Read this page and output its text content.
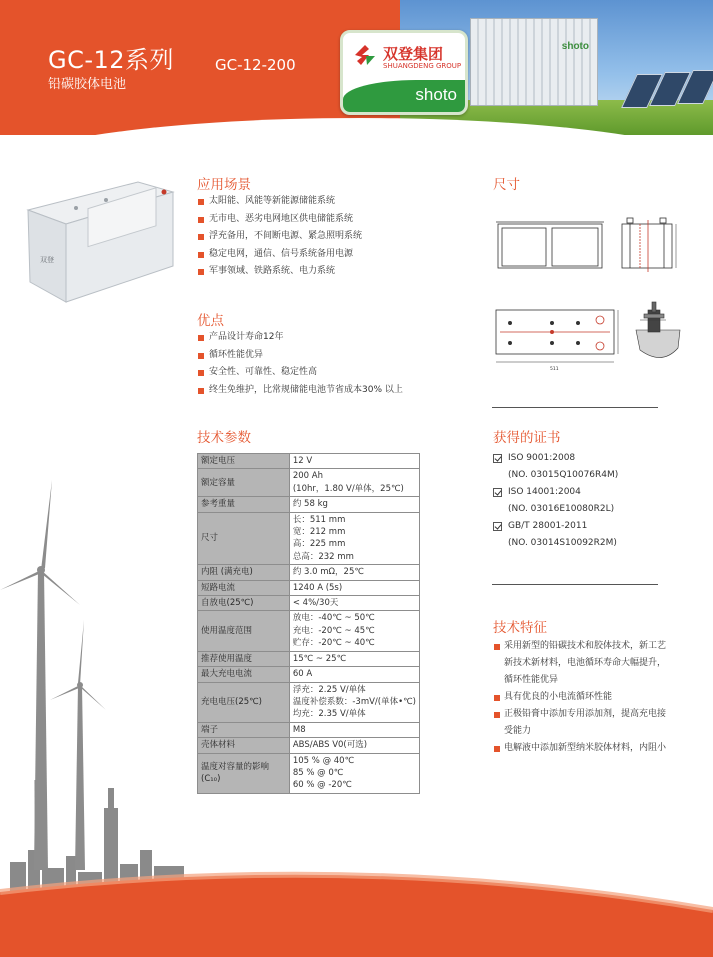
shoto
GC-12系列
铅碳胶体电池
GC-12-200
双登集团
SHUANGDENG GROUP
shoto
双登
应用场景
太阳能、风能等新能源储能系统
无市电、恶劣电网地区供电储能系统
浮充备用，不间断电源、紧急照明系统
稳定电网，通信、信号系统备用电源
军事领域、铁路系统、电力系统
优点
产品设计寿命12年
循环性能优异
安全性、可靠性、稳定性高
终生免维护，比常规储能电池节省成本30% 以上
技术参数
额定电压	12 V

额定容量	200 Ah
(10hr，1.80 V/单体，25℃)

参考重量	约 58 kg

尺寸	长：511 mm
宽：212 mm
高：225 mm
总高：232 mm

内阻 (满充电)	约 3.0 mΩ，25℃

短路电流	1240 A (5s)

自放电(25℃)	< 4%/30天

使用温度范围	放电：-40℃ ~ 50℃
充电：-20℃ ~ 45℃
贮存：-20℃ ~ 40℃

推荐使用温度	15℃ ~ 25℃

最大充电电流	60 A

充电电压(25℃)	浮充：2.25 V/单体
温度补偿系数：-3mV/(单体•℃)
均充：2.35 V/单体

端子	M8

壳体材料	ABS/ABS V0(可选)

温度对容量的影响(C₁₀)	105 % @ 40℃
85 % @ 0℃
60 % @ -20℃
尺寸
511
获得的证书
ISO 9001:2008
(NO. 03015Q10076R4M)
ISO 14001:2004
(NO. 03016E10080R2L)
GB/T 28001-2011
(NO. 03014S10092R2M)
技术特征
采用新型的铅碳技术和胶体技术，新工艺新技术新材料，电池循环寿命大幅提升，循环性能优异
具有优良的小电流循环性能
正极铅膏中添加专用添加剂，提高充电接受能力
电解液中添加新型纳米胶体材料，内阻小
